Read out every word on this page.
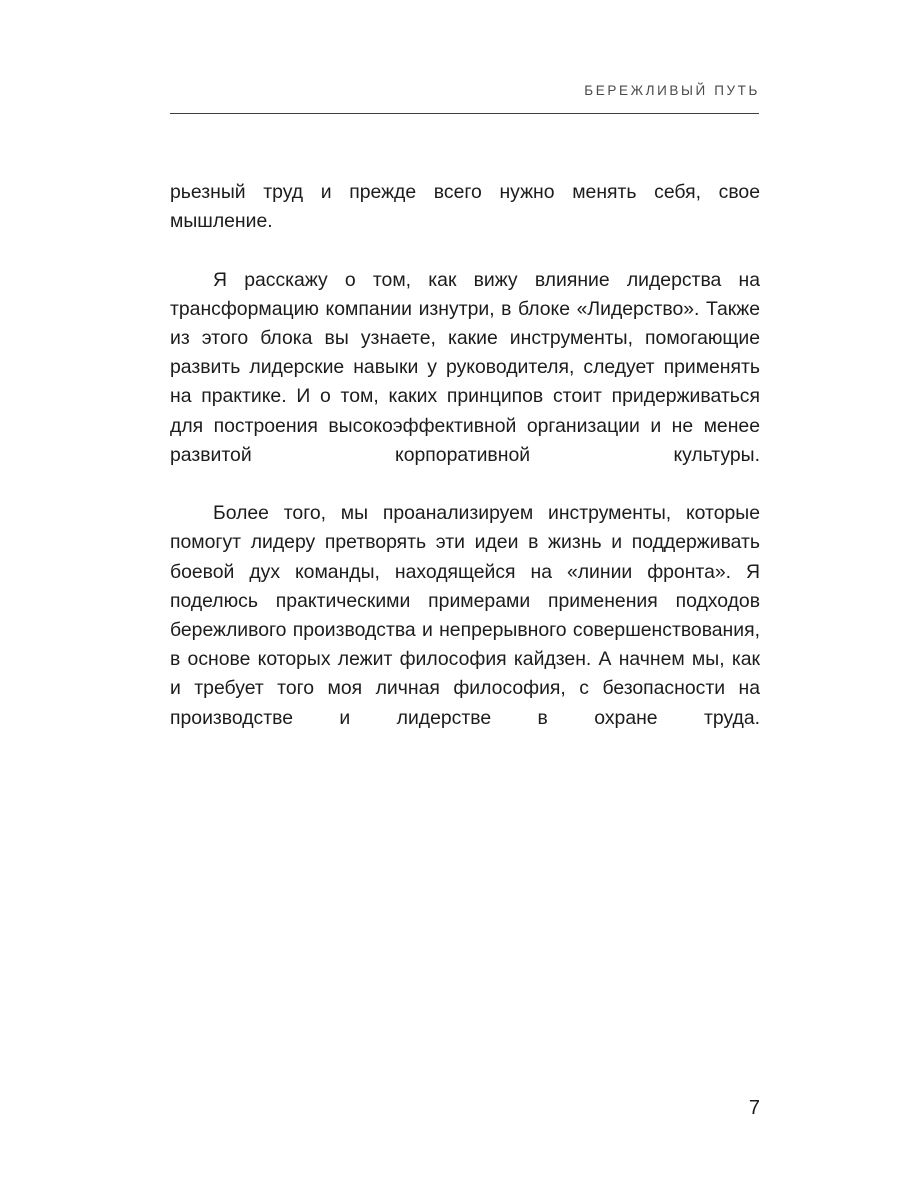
БЕРЕЖЛИВЫЙ ПУТЬ

рьезный труд и прежде всего нужно менять себя, свое мышление.

Я расскажу о том, как вижу влияние лидерства на трансформацию компании изнутри, в блоке «Лидерство». Также из этого блока вы узнаете, какие инструменты, помогающие развить лидерские навыки у руководителя, следует применять на практике. И о том, каких принципов стоит придерживаться для построения высокоэффективной организации и не менее развитой корпоративной культуры.

Более того, мы проанализируем инструменты, которые помогут лидеру претворять эти идеи в жизнь и поддерживать боевой дух команды, находящейся на «линии фронта». Я поделюсь практическими примерами применения подходов бережливого производства и непрерывного совершенствования, в основе которых лежит философия кайдзен. А начнем мы, как и требует того моя личная философия, с безопасности на производстве и лидерстве в охране труда.

7
